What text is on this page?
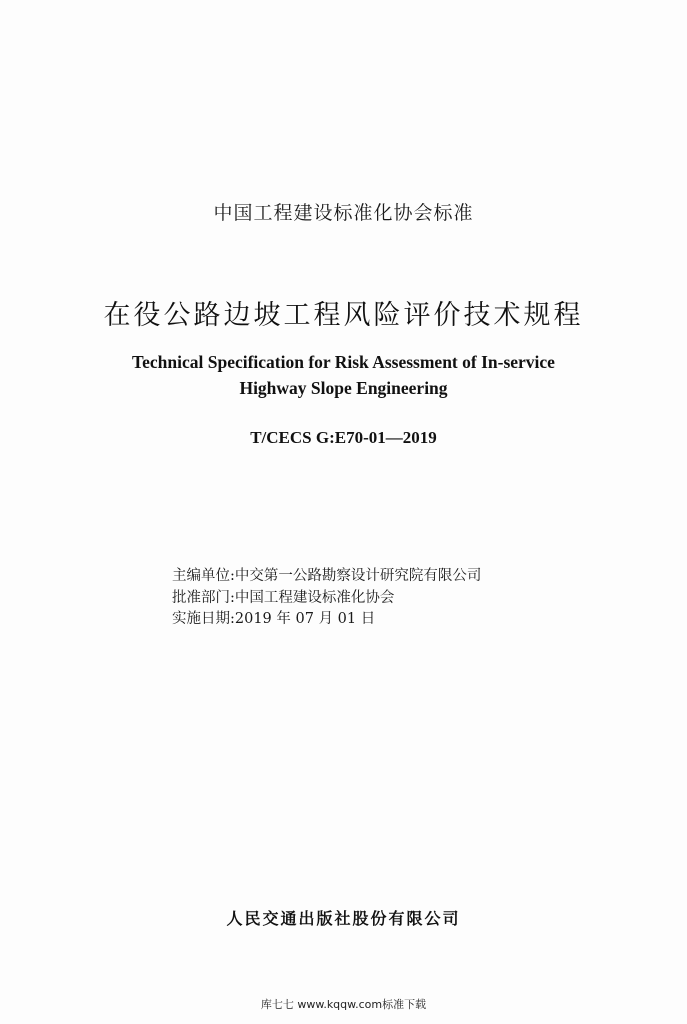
中国工程建设标准化协会标准
在役公路边坡工程风险评价技术规程
Technical Specification for Risk Assessment of In-service
Highway Slope Engineering
T/CECS G:E70-01—2019
主编单位:中交第一公路勘察设计研究院有限公司
批准部门:中国工程建设标准化协会
实施日期:2019 年 07 月 01 日
人民交通出版社股份有限公司
库七七 www.kqqw.com标准下载
